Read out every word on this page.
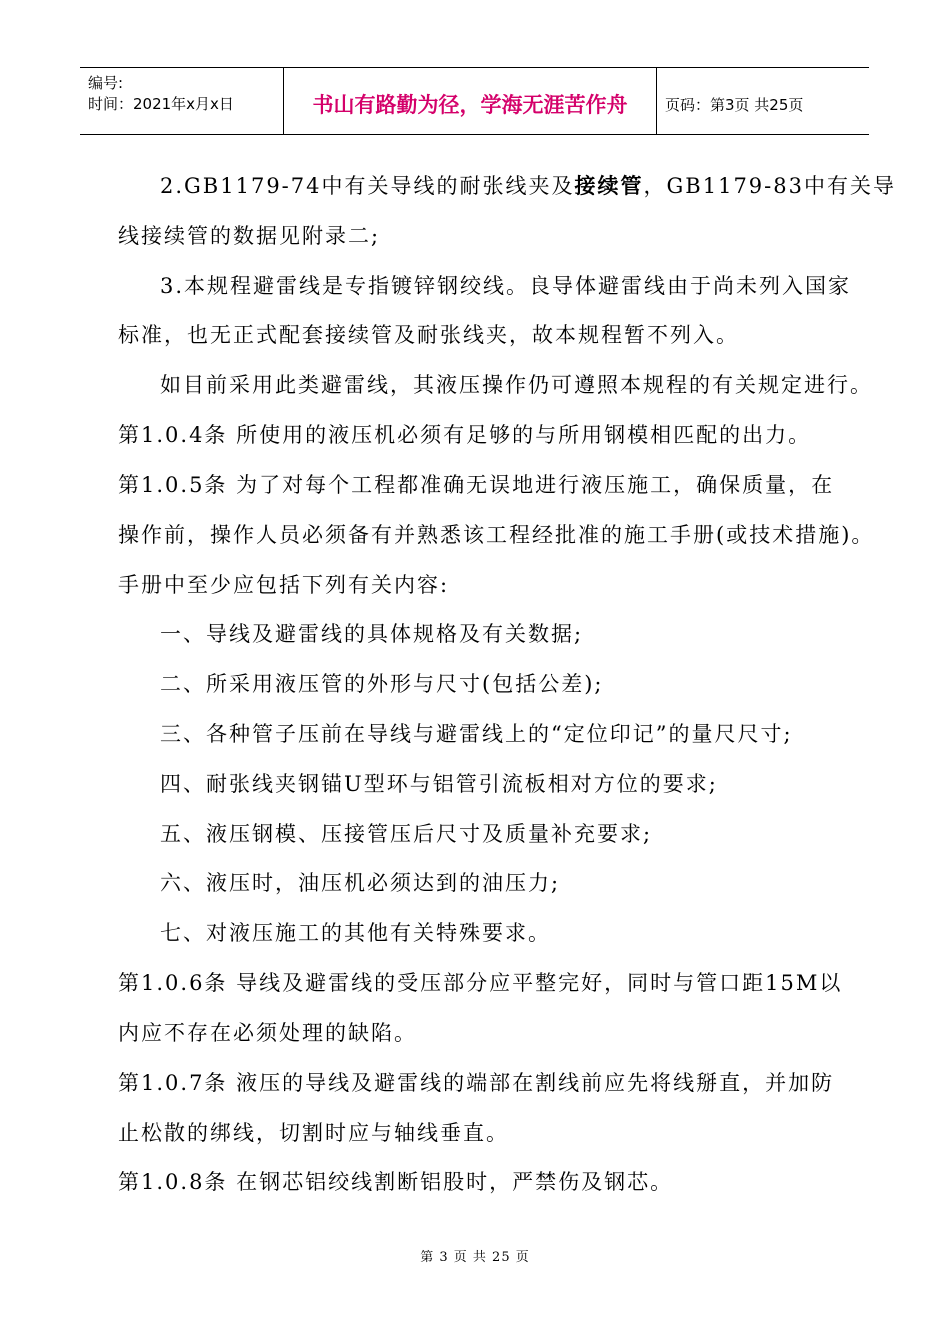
编号:
时间：2021年x月x日	书山有路勤为径，学海无涯苦作舟	页码：第3页 共25页
2.GB1179-74中有关导线的耐张线夹及接续管，GB1179-83中有关导
线接续管的数据见附录二;
3.本规程避雷线是专指镀锌钢绞线。良导体避雷线由于尚未列入国家
标准，也无正式配套接续管及耐张线夹，故本规程暂不列入。
如目前采用此类避雷线，其液压操作仍可遵照本规程的有关规定进行。
第1.0.4条 所使用的液压机必须有足够的与所用钢模相匹配的出力。
第1.0.5条 为了对每个工程都准确无误地进行液压施工，确保质量，在
操作前，操作人员必须备有并熟悉该工程经批准的施工手册(或技术措施)。
手册中至少应包括下列有关内容:
一、导线及避雷线的具体规格及有关数据;
二、所采用液压管的外形与尺寸(包括公差);
三、各种管子压前在导线与避雷线上的“定位印记”的量尺尺寸;
四、耐张线夹钢锚U型环与铝管引流板相对方位的要求;
五、液压钢模、压接管压后尺寸及质量补充要求;
六、液压时，油压机必须达到的油压力;
七、对液压施工的其他有关特殊要求。
第1.0.6条 导线及避雷线的受压部分应平整完好，同时与管口距15M以
内应不存在必须处理的缺陷。
第1.0.7条 液压的导线及避雷线的端部在割线前应先将线掰直，并加防
止松散的绑线，切割时应与轴线垂直。
第1.0.8条 在钢芯铝绞线割断铝股时，严禁伤及钢芯。
第 3 页 共 25 页
